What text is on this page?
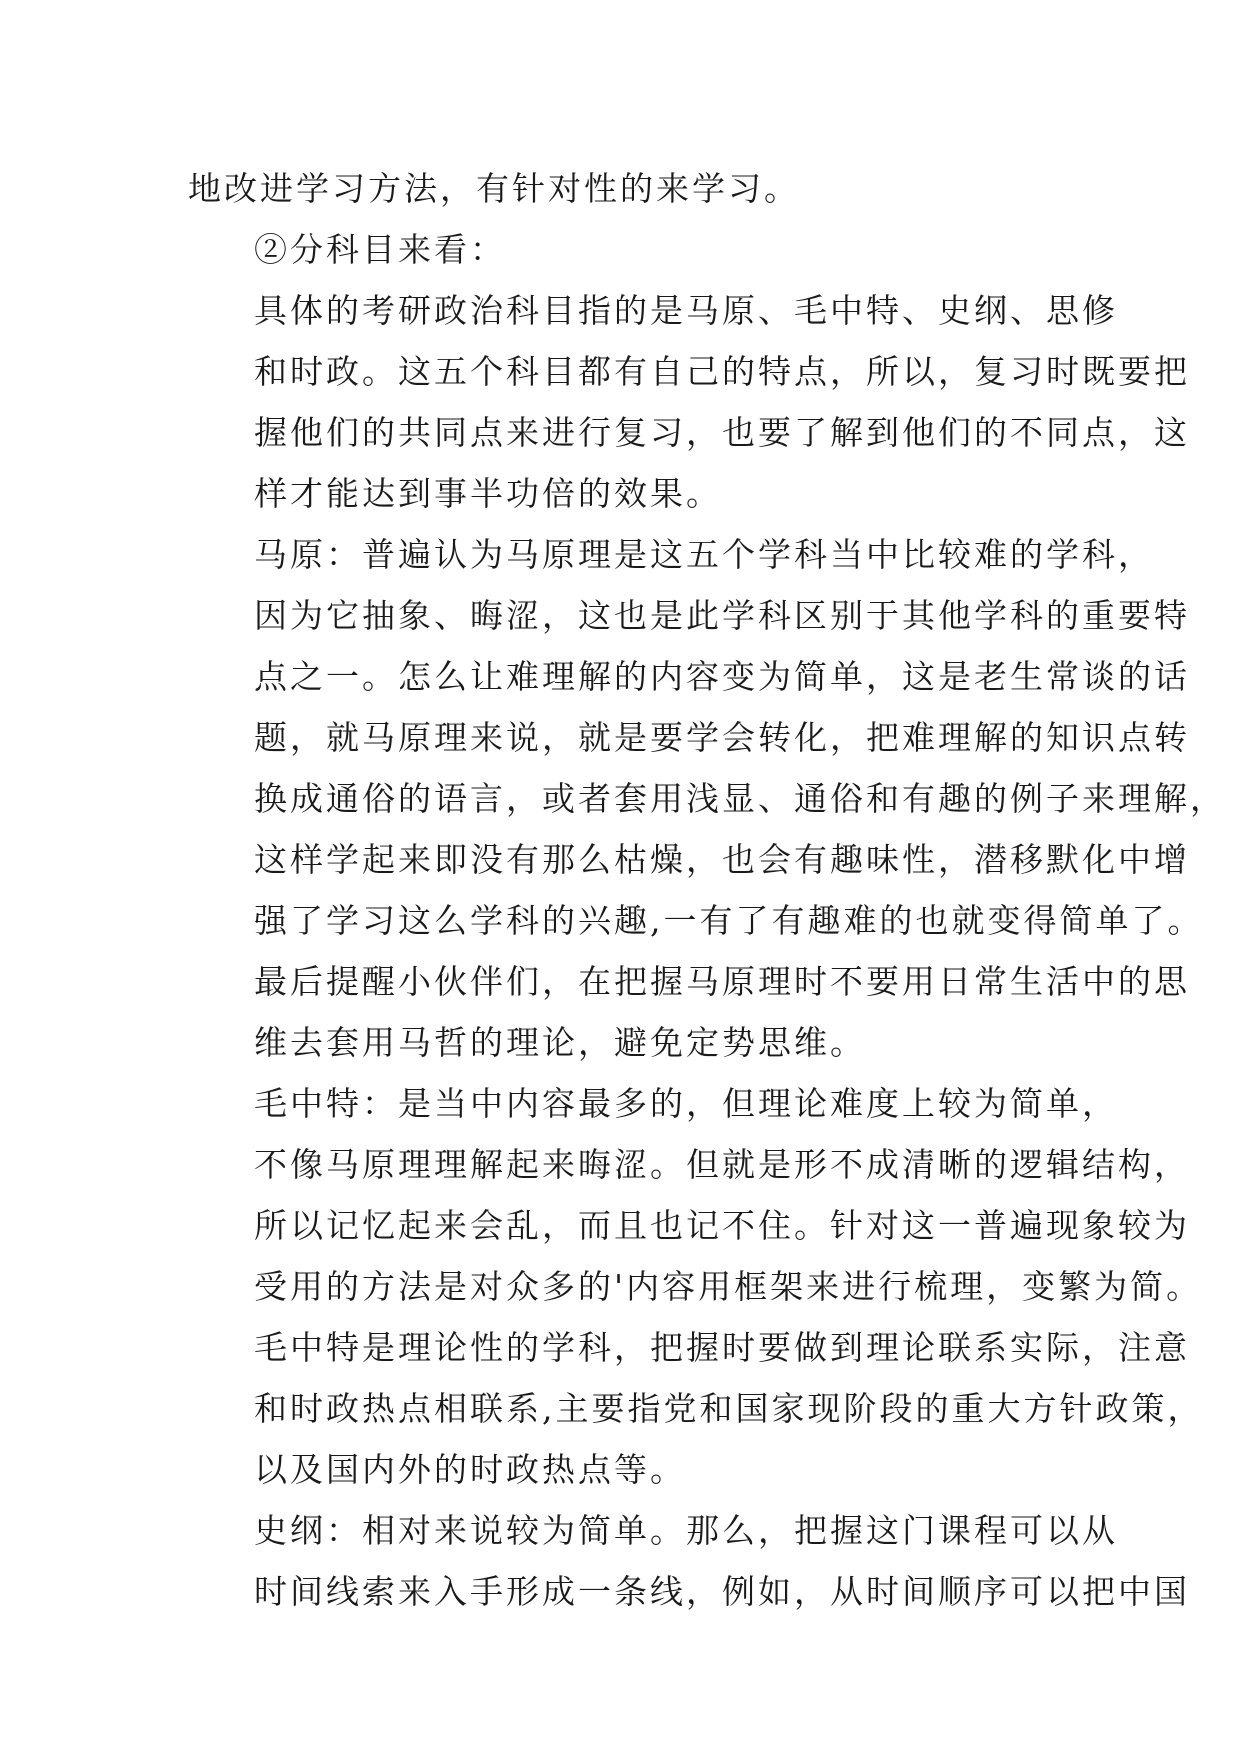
地改进学习方法，有针对性的来学习。
②分科目来看：
具体的考研政治科目指的是马原、毛中特、史纲、思修
和时政。这五个科目都有自己的特点，所以，复习时既要把
握他们的共同点来进行复习，也要了解到他们的不同点，这
样才能达到事半功倍的效果。
马原：普遍认为马原理是这五个学科当中比较难的学科，
因为它抽象、晦涩，这也是此学科区别于其他学科的重要特
点之一。怎么让难理解的内容变为简单，这是老生常谈的话
题，就马原理来说，就是要学会转化，把难理解的知识点转
换成通俗的语言，或者套用浅显、通俗和有趣的例子来理解，
这样学起来即没有那么枯燥，也会有趣味性，潜移默化中增
强了学习这么学科的兴趣,一有了有趣难的也就变得简单了。
最后提醒小伙伴们，在把握马原理时不要用日常生活中的思
维去套用马哲的理论，避免定势思维。
毛中特：是当中内容最多的，但理论难度上较为简单，
不像马原理理解起来晦涩。但就是形不成清晰的逻辑结构，
所以记忆起来会乱，而且也记不住。针对这一普遍现象较为
受用的方法是对众多的'内容用框架来进行梳理，变繁为简。
毛中特是理论性的学科，把握时要做到理论联系实际，注意
和时政热点相联系,主要指党和国家现阶段的重大方针政策，
以及国内外的时政热点等。
史纲：相对来说较为简单。那么，把握这门课程可以从
时间线索来入手形成一条线，例如，从时间顺序可以把中国
